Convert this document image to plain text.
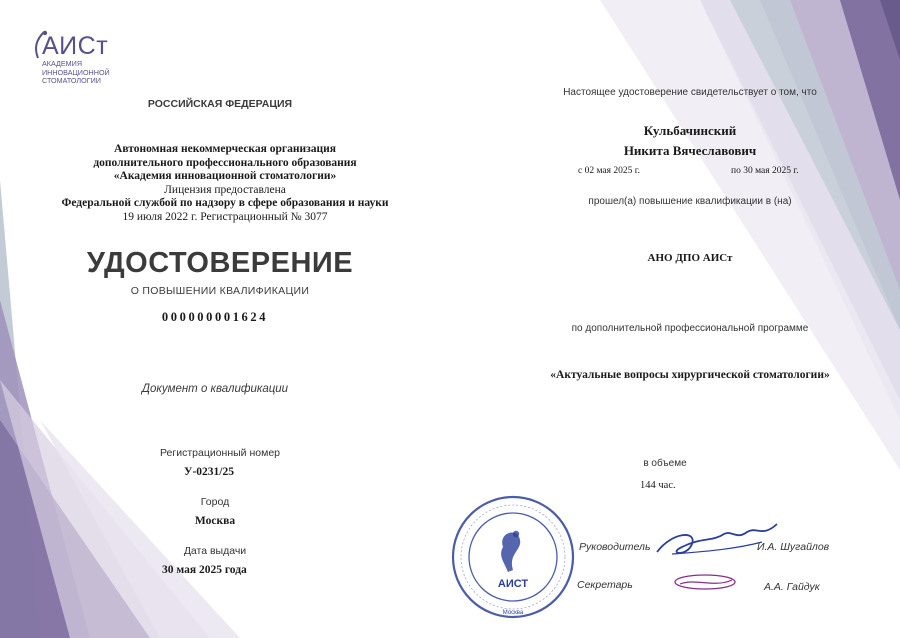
АИСт
АКАДЕМИЯ
ИННОВАЦИОННОЙ
СТОМАТОЛОГИИ
РОССИЙСКАЯ ФЕДЕРАЦИЯ
Автономная некоммерческая организация
дополнительного профессионального образования
«Академия инновационной стоматологии»
Лицензия предоставлена
Федеральной службой по надзору в сфере образования и науки
19 июля 2022 г. Регистрационный № 3077
УДОСТОВЕРЕНИЕ
О ПОВЫШЕНИИ КВАЛИФИКАЦИИ
000000001624
Документ о квалификации
Регистрационный номер
У-0231/25
Город
Москва
Дата выдачи
30 мая 2025 года
Настоящее удостоверение свидетельствует о том, что
Кульбачинский
Никита Вячеславович
с 02 мая 2025 г.	по 30 мая 2025 г.
прошел(а) повышение квалификации в (на)
АНО ДПО АИСт
по дополнительной профессиональной программе
«Актуальные вопросы хирургической стоматологии»
в объеме
144 час.
АИСТ
Москва
Руководитель	И.А. Шугайлов
Секретарь	А.А. Гайдук
